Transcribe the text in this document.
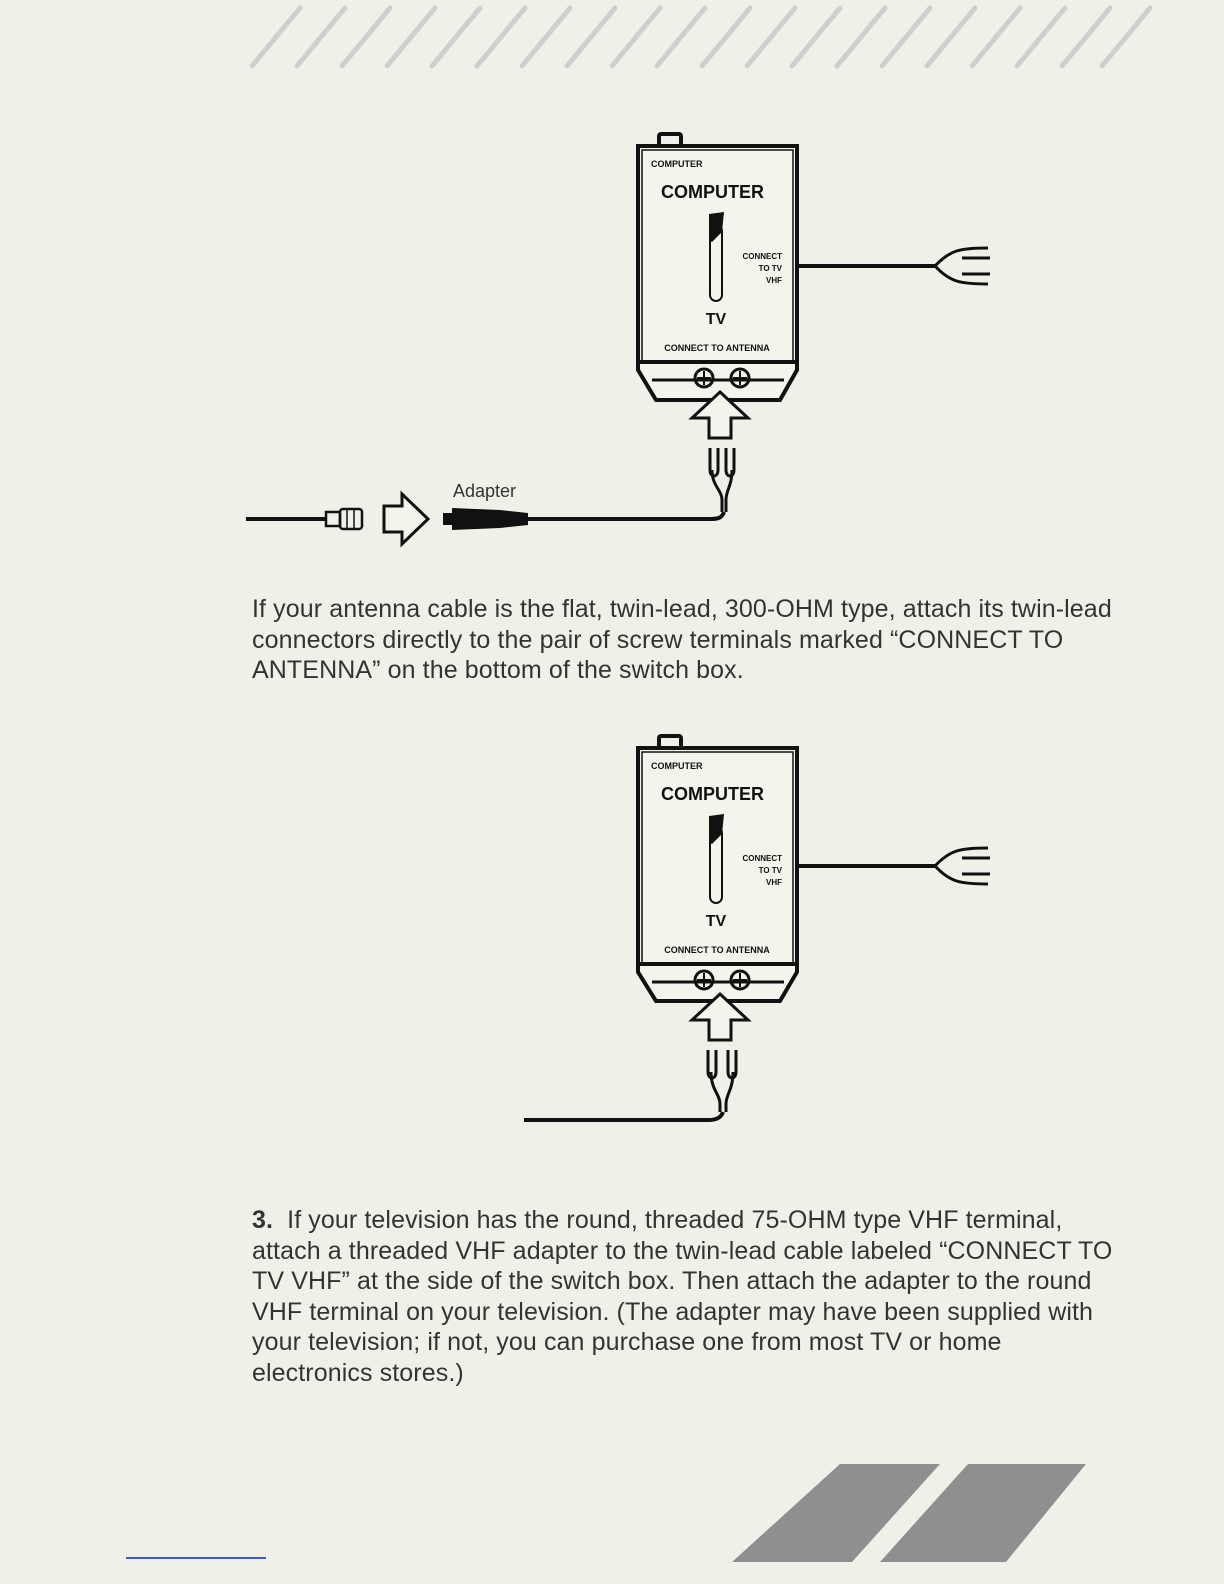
COMPUTER
COMPUTER
CONNECT
TO TV
VHF
TV
CONNECT TO ANTENNA
Adapter

If your antenna cable is the flat, twin-lead, 300-OHM type, attach its twin-lead connectors directly to the pair of screw terminals marked “CONNECT TO ANTENNA” on the bottom of the switch box.

COMPUTER
COMPUTER
CONNECT
TO TV
VHF
TV
CONNECT TO ANTENNA

3. If your television has the round, threaded 75-OHM type VHF terminal, attach a threaded VHF adapter to the twin-lead cable labeled “CONNECT TO TV VHF” at the side of the switch box. Then attach the adapter to the round VHF terminal on your television. (The adapter may have been supplied with your television; if not, you can purchase one from most TV or home electronics stores.)
